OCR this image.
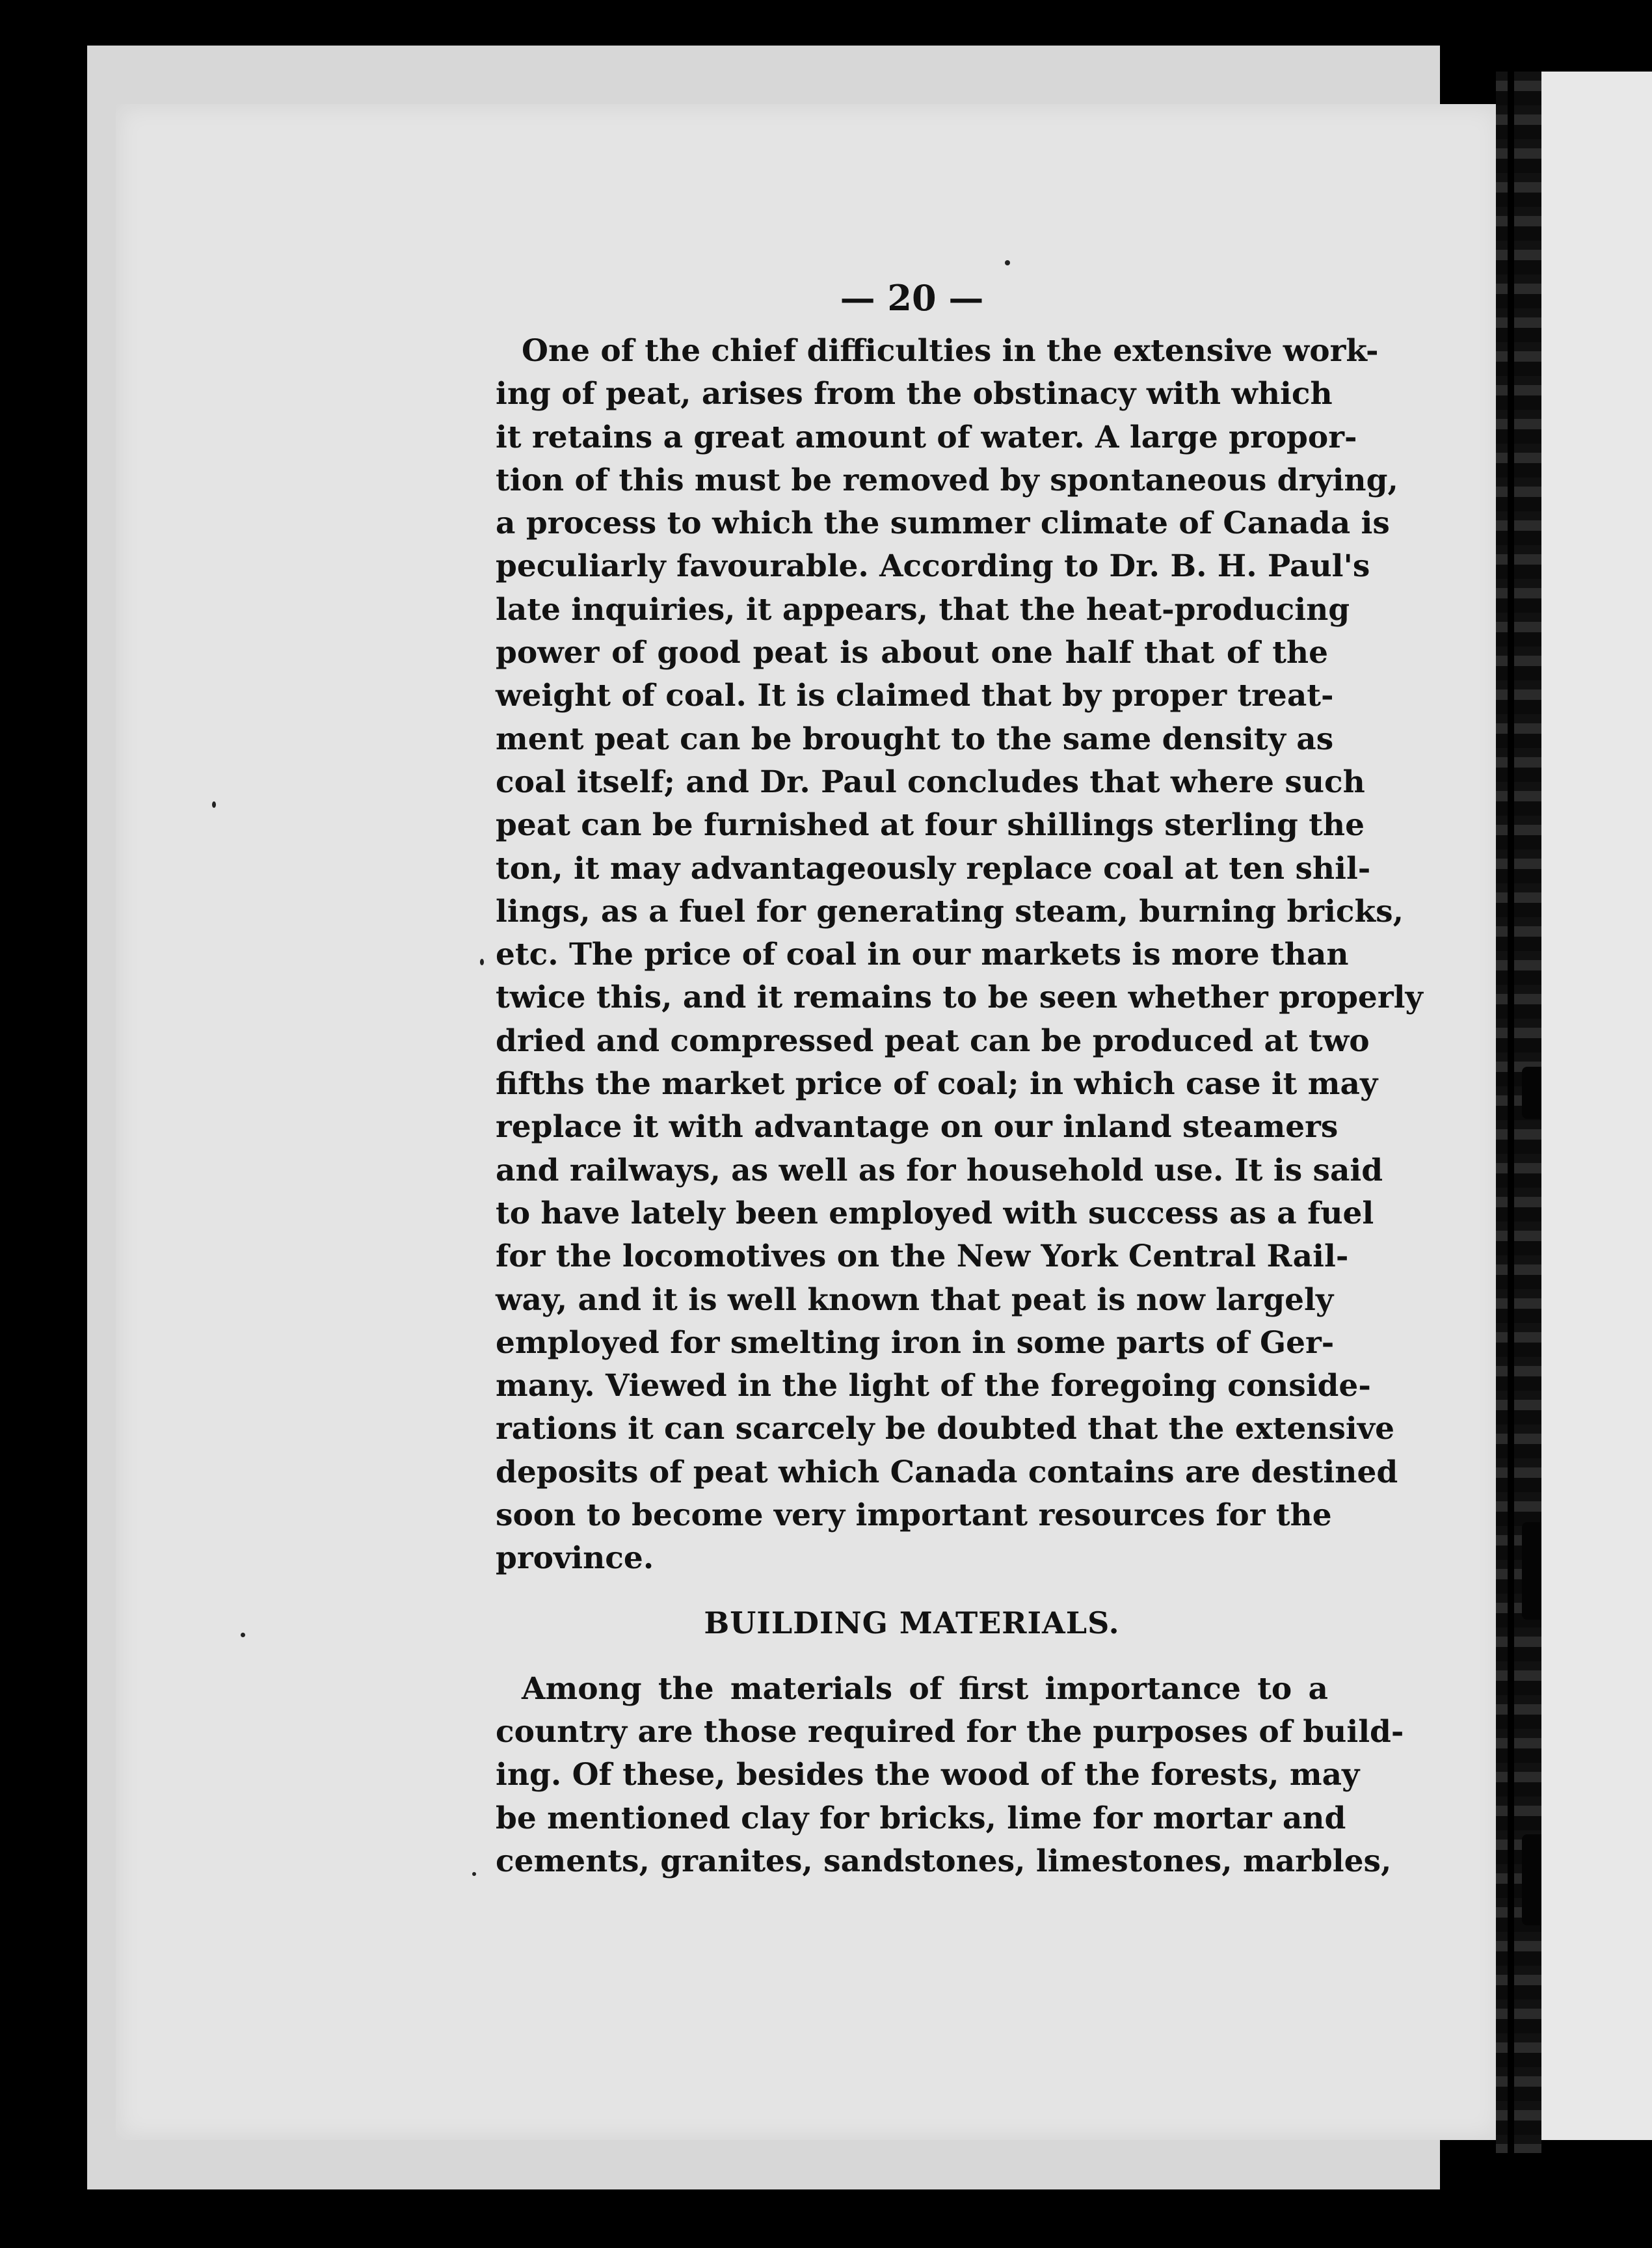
— 20 —

One of the chief difficulties in the extensive work-
ing of peat, arises from the obstinacy with which
it retains a great amount of water. A large propor-
tion of this must be removed by spontaneous drying,
a process to which the summer climate of Canada is
peculiarly favourable. According to Dr. B. H. Paul's
late inquiries, it appears, that the heat-producing
power of good peat is about one half that of the
weight of coal. It is claimed that by proper treat-
ment peat can be brought to the same density as
coal itself; and Dr. Paul concludes that where such
peat can be furnished at four shillings sterling the
ton, it may advantageously replace coal at ten shil-
lings, as a fuel for generating steam, burning bricks,
etc. The price of coal in our markets is more than
twice this, and it remains to be seen whether properly
dried and compressed peat can be produced at two
fifths the market price of coal; in which case it may
replace it with advantage on our inland steamers
and railways, as well as for household use. It is said
to have lately been employed with success as a fuel
for the locomotives on the New York Central Rail-
way, and it is well known that peat is now largely
employed for smelting iron in some parts of Ger-
many. Viewed in the light of the foregoing conside-
rations it can scarcely be doubted that the extensive
deposits of peat which Canada contains are destined
soon to become very important resources for the
province.

BUILDING MATERIALS.

Among the materials of first importance to a
country are those required for the purposes of build-
ing. Of these, besides the wood of the forests, may
be mentioned clay for bricks, lime for mortar and
cements, granites, sandstones, limestones, marbles,
